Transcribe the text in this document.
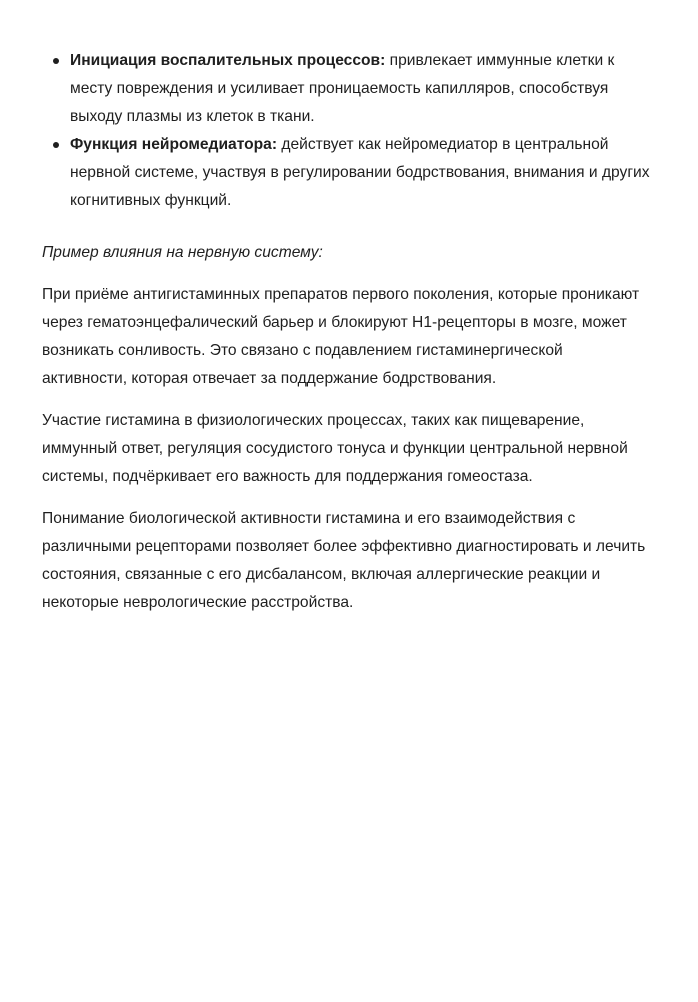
Инициация воспалительных процессов: привлекает иммунные клетки к месту повреждения и усиливает проницаемость капилляров, способствуя выходу плазмы из клеток в ткани.
Функция нейромедиатора: действует как нейромедиатор в центральной нервной системе, участвуя в регулировании бодрствования, внимания и других когнитивных функций.

Пример влияния на нервную систему:

При приёме антигистаминных препаратов первого поколения, которые проникают через гематоэнцефалический барьер и блокируют H1-рецепторы в мозге, может возникать сонливость. Это связано с подавлением гистаминергической активности, которая отвечает за поддержание бодрствования.

Участие гистамина в физиологических процессах, таких как пищеварение, иммунный ответ, регуляция сосудистого тонуса и функции центральной нервной системы, подчёркивает его важность для поддержания гомеостаза.

Понимание биологической активности гистамина и его взаимодействия с различными рецепторами позволяет более эффективно диагностировать и лечить состояния, связанные с его дисбалансом, включая аллергические реакции и некоторые неврологические расстройства.
